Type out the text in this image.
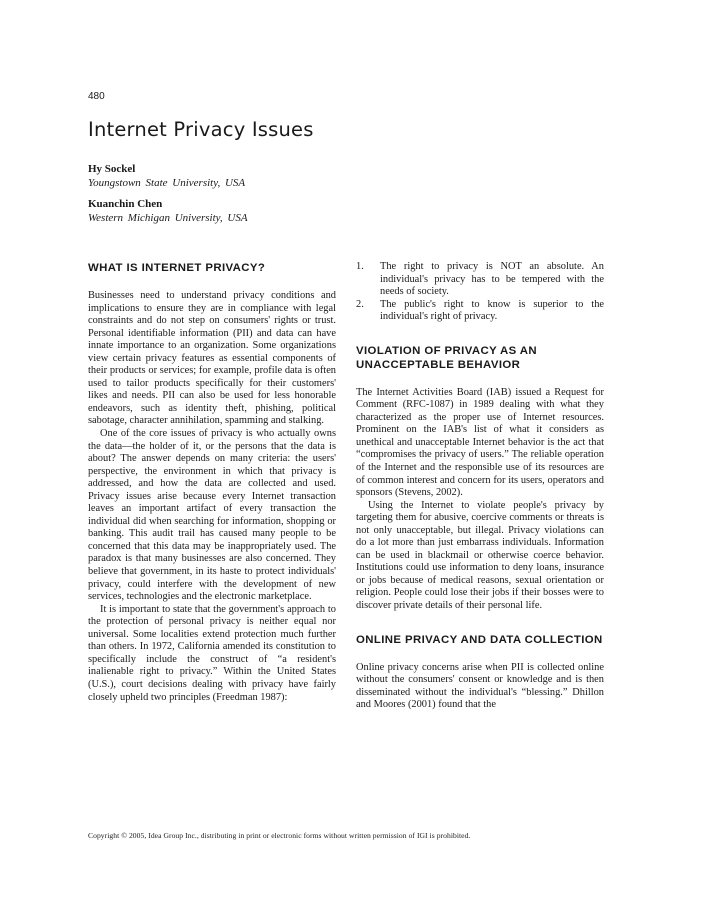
480
Internet Privacy Issues
Hy Sockel
Youngstown State University, USA
Kuanchin Chen
Western Michigan University, USA
WHAT IS INTERNET PRIVACY?

Businesses need to understand privacy conditions and implications to ensure they are in compliance with legal constraints and do not step on consumers' rights or trust. Personal identifiable information (PII) and data can have innate importance to an organization. Some organizations view certain privacy features as essential components of their products or services; for example, profile data is often used to tailor products specifically for their customers' likes and needs. PII can also be used for less honorable endeavors, such as identity theft, phishing, political sabotage, character annihilation, spamming and stalking.

One of the core issues of privacy is who actually owns the data—the holder of it, or the persons that the data is about? The answer depends on many criteria: the users' perspective, the environment in which that privacy is addressed, and how the data are collected and used. Privacy issues arise because every Internet transaction leaves an important artifact of every transaction the individual did when searching for information, shopping or banking. This audit trail has caused many people to be concerned that this data may be inappropriately used. The paradox is that many businesses are also concerned. They believe that government, in its haste to protect individuals' privacy, could interfere with the development of new services, technologies and the electronic marketplace.

It is important to state that the government's approach to the protection of personal privacy is neither equal nor universal. Some localities extend protection much further than others. In 1972, California amended its constitution to specifically include the construct of “a resident's inalienable right to privacy.” Within the United States (U.S.), court decisions dealing with privacy have fairly closely upheld two principles (Freedman 1987):

1.	The right to privacy is NOT an absolute. An individual's privacy has to be tempered with the needs of society.
2.	The public's right to know is superior to the individual's right of privacy.
VIOLATION OF PRIVACY AS AN UNACCEPTABLE BEHAVIOR

The Internet Activities Board (IAB) issued a Request for Comment (RFC-1087) in 1989 dealing with what they characterized as the proper use of Internet resources. Prominent on the IAB's list of what it considers as unethical and unacceptable Internet behavior is the act that “compromises the privacy of users.” The reliable operation of the Internet and the responsible use of its resources are of common interest and concern for its users, operators and sponsors (Stevens, 2002).

Using the Internet to violate people's privacy by targeting them for abusive, coercive comments or threats is not only unacceptable, but illegal. Privacy violations can do a lot more than just embarrass individuals. Information can be used in blackmail or otherwise coerce behavior. Institutions could use information to deny loans, insurance or jobs because of medical reasons, sexual orientation or religion. People could lose their jobs if their bosses were to discover private details of their personal life.

ONLINE PRIVACY AND DATA COLLECTION

Online privacy concerns arise when PII is collected online without the consumers' consent or knowledge and is then disseminated without the individual's “blessing.” Dhillon and Moores (2001) found that the

Copyright © 2005, Idea Group Inc., distributing in print or electronic forms without written permission of IGI is prohibited.
